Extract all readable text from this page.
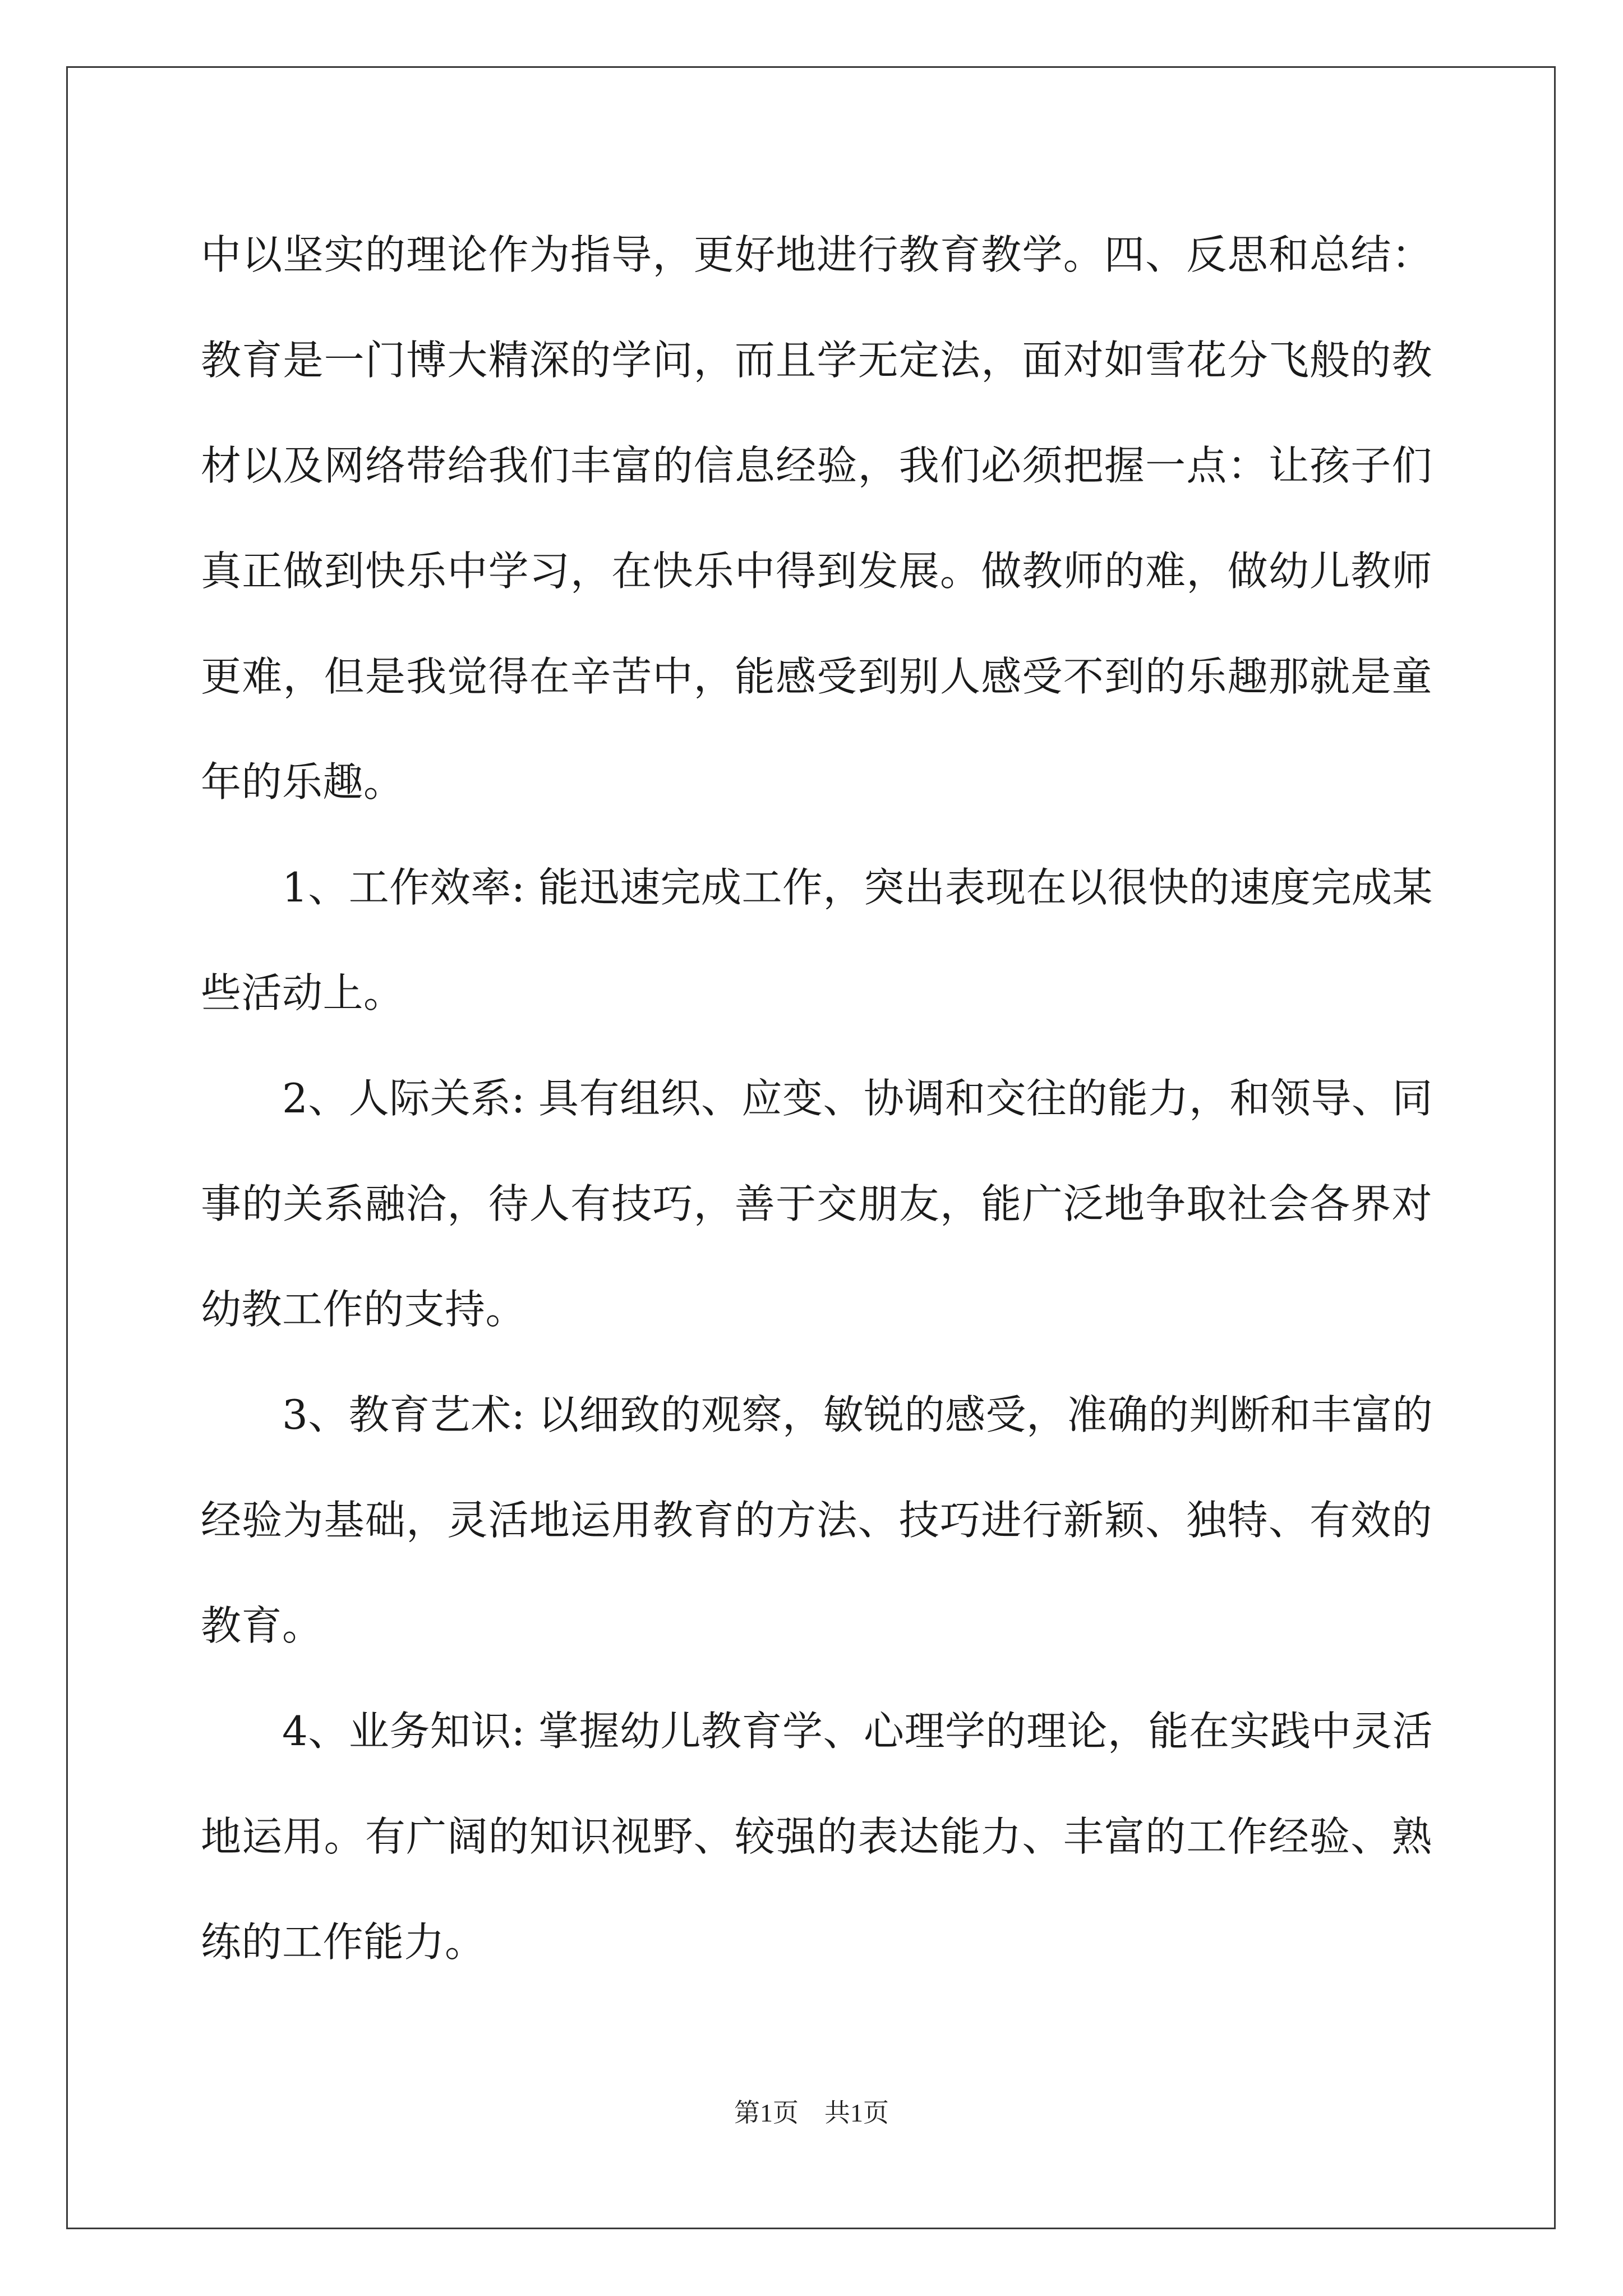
中以坚实的理论作为指导，更好地进行教育教学。四、反思和总结：
教育是一门博大精深的学问，而且学无定法，面对如雪花分飞般的教
材以及网络带给我们丰富的信息经验，我们必须把握一点：让孩子们
真正做到快乐中学习，在快乐中得到发展。做教师的难，做幼儿教师
更难，但是我觉得在辛苦中，能感受到别人感受不到的乐趣那就是童
年的乐趣。
　　1、工作效率: 能迅速完成工作，突出表现在以很快的速度完成某
些活动上。
　　2、人际关系: 具有组织、应变、协调和交往的能力，和领导、同
事的关系融洽，待人有技巧，善于交朋友，能广泛地争取社会各界对
幼教工作的支持。
　　3、教育艺术: 以细致的观察，敏锐的感受，准确的判断和丰富的
经验为基础，灵活地运用教育的方法、技巧进行新颖、独特、有效的
教育。
　　4、业务知识: 掌握幼儿教育学、心理学的理论，能在实践中灵活
地运用。有广阔的知识视野、较强的表达能力、丰富的工作经验、熟
练的工作能力。
第1页　共1页
